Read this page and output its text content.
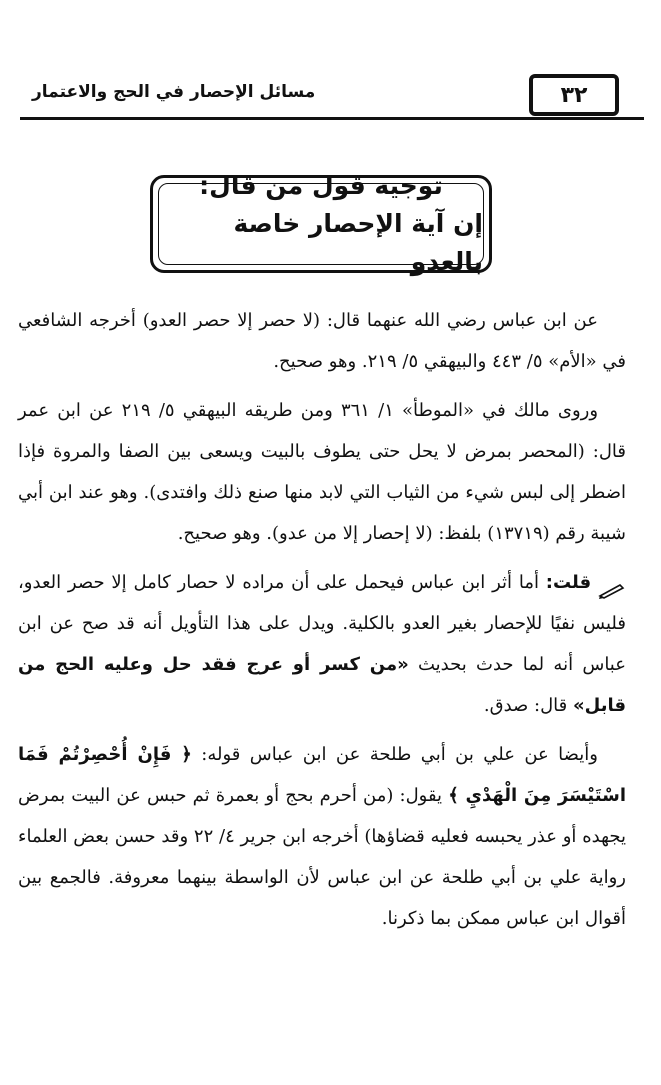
مسائل الإحصار في الحج والاعتمار	٣٢
توجيه قول من قال:
إن آية الإحصار خاصة بالعدو

عن ابن عباس رضي الله عنهما قال: (لا حصر إلا حصر العدو) أخرجه الشافعي في «الأم» ٥/ ٤٤٣ والبيهقي ٥/ ٢١٩. وهو صحيح.

وروى مالك في «الموطأ» ١/ ٣٦١ ومن طريقه البيهقي ٥/ ٢١٩ عن ابن عمر قال: (المحصر بمرض لا يحل حتى يطوف بالبيت ويسعى بين الصفا والمروة فإذا اضطر إلى لبس شيء من الثياب التي لابد منها صنع ذلك وافتدى). وهو عند ابن أبي شيبة رقم (١٣٧١٩) بلفظ: (لا إحصار إلا من عدو). وهو صحيح.

قلت: أما أثر ابن عباس فيحمل على أن مراده لا حصار كامل إلا حصر العدو، فليس نفيًا للإحصار بغير العدو بالكلية. ويدل على هذا التأويل أنه قد صح عن ابن عباس أنه لما حدث بحديث «من كسر أو عرج فقد حل وعليه الحج من قابل» قال: صدق.

وأيضا عن علي بن أبي طلحة عن ابن عباس قوله: ﴿ فَإِنْ أُحْصِرْتُمْ فَمَا اسْتَيْسَرَ مِنَ الْهَدْيِ ﴾ يقول: (من أحرم بحج أو بعمرة ثم حبس عن البيت بمرض يجهده أو عذر يحبسه فعليه قضاؤها) أخرجه ابن جرير ٤/ ٢٢ وقد حسن بعض العلماء رواية علي بن أبي طلحة عن ابن عباس لأن الواسطة بينهما معروفة. فالجمع بين أقوال ابن عباس ممكن بما ذكرنا.
